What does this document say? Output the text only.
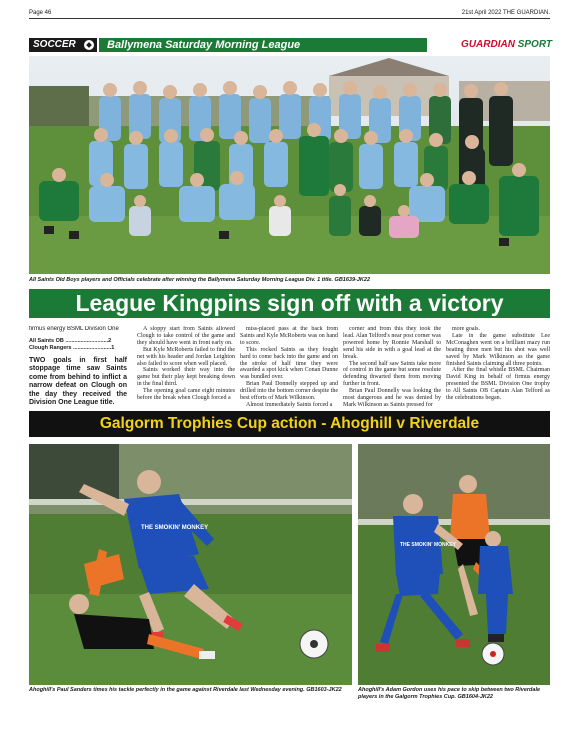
Page 46	21st April 2022 THE GUARDIAN.
SOCCER	Ballymena Saturday Morning League	GUARDIAN SPORT
All Saints Old Boys players and Officials celebrate after winning the Ballymena Saturday Morning League Div. 1 title. GB1639-JK22
League Kingpins sign off with a victory
firmus energy BSML Division One
All Saints OB ............................2
Clough Rangers .........................1
TWO goals in first half stoppage time saw Saints come from behind to inflict a narrow defeat on Clough on the day they received the Division One League title.

A sloppy start from Saints allowed Clough to take control of the game and they should have went in front early on.

But Kyle McRoberts failed to find the net with his header and Jordan Leighton also failed to score when well placed.

Saints worked their way into the game but their play kept breaking down in the final third.

The opening goal came eight minutes before the break when Clough forced a

miss-placed pass at the back from Saints and Kyle McRoberts was on hand to score.

This rocked Saints as they fought hard to come back into the game and on the stroke of half time they were awarded a spot kick when Conan Dunne was bundled over.

Brian Paul Donnelly stepped up and drilled into the bottom corner despite the best efforts of Mark Wilkinson.

Almost immediately Saints forced a

corner and from this they took the lead. Alan Telford's near post corner was powered home by Ronnie Marshall to send his side in with a goal lead at the break.

The second half saw Saints take more of control in the game but some resolute defending thwarted them from moving further in front.

Brian Paul Donnelly was looking the most dangerous and he was denied by Mark Wilkinson as Saints pressed for

more goals.

Late in the game substitute Lee McConaghen went on a brilliant mazy run beating three men but his shot was well saved by Mark Wilkinson as the game finished Saints claiming all three points.

After the final whistle BSML Chairman David King in behalf of firmus energy presented the BSML Division One trophy to All Saints OB Captain Alan Telford as the celebrations began.

Galgorm Trophies Cup action - Ahoghill v Riverdale
THE SMOKIN' MONKEY
Ahoghill's Paul Sanders times his tackle perfectly in the game against Riverdale last Wednesday evening. GB1603-JK22
THE SMOKIN' MONKEY
Ahoghill's Adam Gordon uses his pace to skip between two Riverdale players in the Galgorm Trophies Cup. GB1604-JK22
